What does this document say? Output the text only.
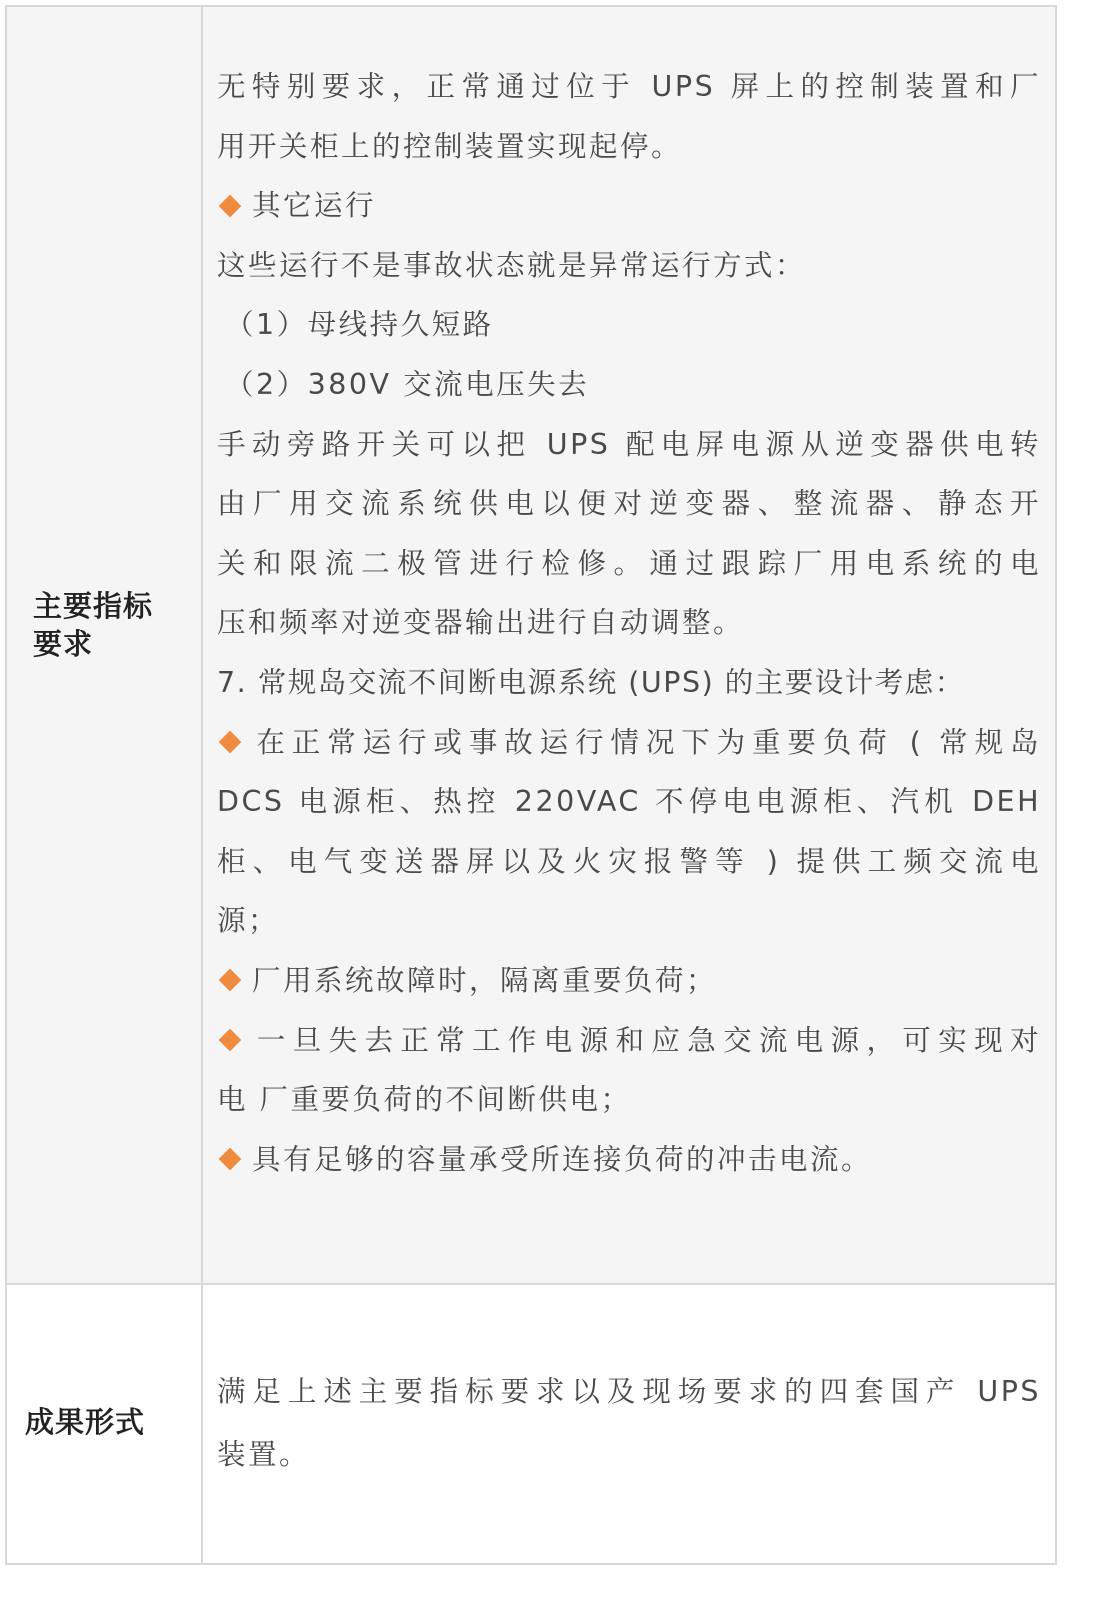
主要指标要求
无特别要求，正常通过位于 UPS 屏上的控制装置和厂
用开关柜上的控制装置实现起停。
其它运行
这些运行不是事故状态就是异常运行方式：
（1）母线持久短路
（2）380V 交流电压失去
手动旁路开关可以把 UPS 配电屏电源从逆变器供电转
由厂用交流系统供电以便对逆变器、整流器、静态开
关和限流二极管进行检修。通过跟踪厂用电系统的电
压和频率对逆变器输出进行自动调整。
7. 常规岛交流不间断电源系统 (UPS) 的主要设计考虑：
在正常运行或事故运行情况下为重要负荷 ( 常规岛
DCS 电源柜、热控 220VAC 不停电电源柜、汽机 DEH
柜、电气变送器屏以及火灾报警等 ) 提供工频交流电
源；
厂用系统故障时，隔离重要负荷；
一旦失去正常工作电源和应急交流电源，可实现对
电 厂重要负荷的不间断供电；
具有足够的容量承受所连接负荷的冲击电流。
成果形式
满足上述主要指标要求以及现场要求的四套国产 UPS
装置。
